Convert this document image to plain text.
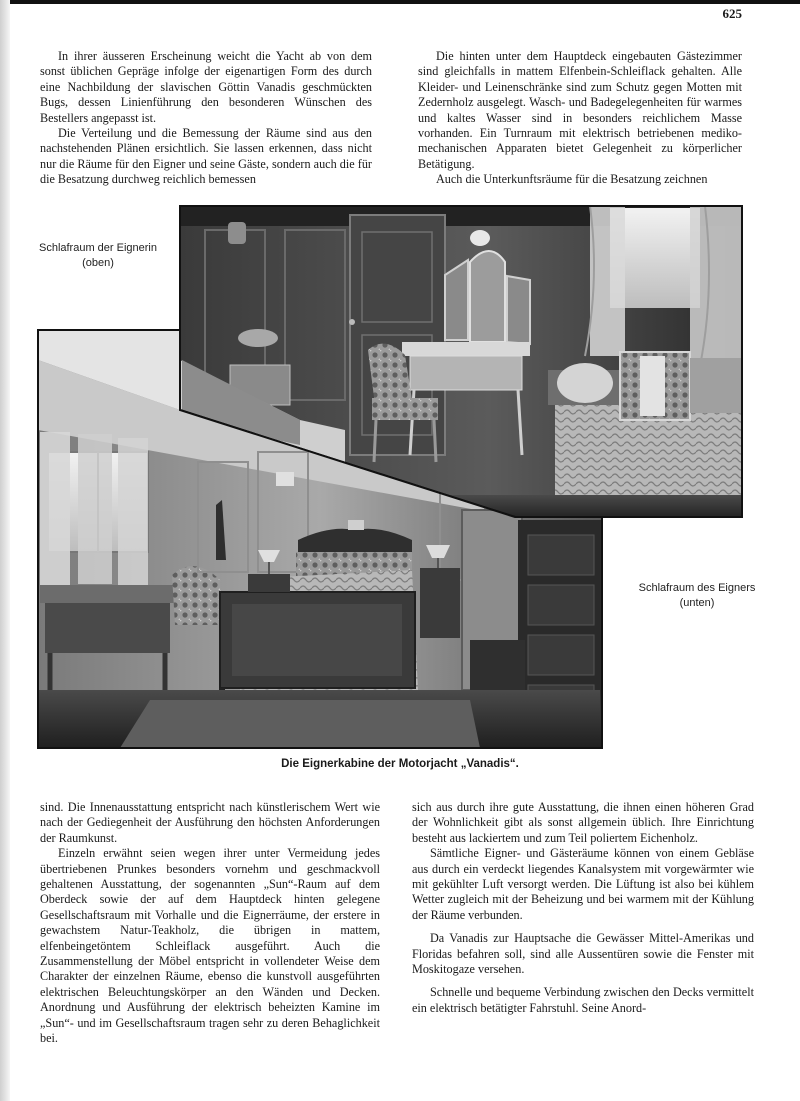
625

In ihrer äusseren Erscheinung weicht die Yacht ab von dem sonst üblichen Gepräge infolge der eigenartigen Form des durch eine Nachbildung der slavischen Göttin Vanadis geschmückten Bugs, dessen Linienführung den besonderen Wünschen des Bestellers angepasst ist.

Die Verteilung und die Bemessung der Räume sind aus den nachstehenden Plänen ersichtlich. Sie lassen erkennen, dass nicht nur die Räume für den Eigner und seine Gäste, sondern auch die für die Besatzung durchweg reichlich bemessen

Die hinten unter dem Hauptdeck eingebauten Gästezimmer sind gleichfalls in mattem Elfenbein-Schleiflack gehalten. Alle Kleider- und Leinenschränke sind zum Schutz gegen Motten mit Zedernholz ausgelegt. Wasch- und Badegelegenheiten für warmes und kaltes Wasser sind in besonders reichlichem Masse vorhanden. Ein Turnraum mit elektrisch betriebenen mediko-mechanischen Apparaten bietet Gelegenheit zu körperlicher Betätigung.

Auch die Unterkunftsräume für die Besatzung zeichnen

Schlafraum der Eignerin
(oben)
Schlafraum des Eigners
(unten)
Die Eignerkabine der Motorjacht „Vanadis“.

sind. Die Innenausstattung entspricht nach künstlerischem Wert wie nach der Gediegenheit der Ausführung den höchsten Anforderungen der Raumkunst.

Einzeln erwähnt seien wegen ihrer unter Vermeidung jedes übertriebenen Prunkes besonders vornehm und geschmackvoll gehaltenen Ausstattung, der sogenannten „Sun“-Raum auf dem Oberdeck sowie der auf dem Hauptdeck hinten gelegene Gesellschaftsraum mit Vorhalle und die Eignerräume, der erstere in gewachstem Natur-Teakholz, die übrigen in mattem, elfenbeingetöntem Schleiflack ausgeführt. Auch die Zusammenstellung der Möbel entspricht in vollendeter Weise dem Charakter der einzelnen Räume, ebenso die kunstvoll ausgeführten elektrischen Beleuchtungskörper an den Wänden und Decken. Anordnung und Ausführung der elektrisch beheizten Kamine im „Sun“- und im Gesellschaftsraum tragen sehr zu deren Behaglichkeit bei.

sich aus durch ihre gute Ausstattung, die ihnen einen höheren Grad der Wohnlichkeit gibt als sonst allgemein üblich. Ihre Einrichtung besteht aus lackiertem und zum Teil poliertem Eichenholz.

Sämtliche Eigner- und Gästeräume können von einem Gebläse aus durch ein verdeckt liegendes Kanalsystem mit vorgewärmter wie mit gekühlter Luft versorgt werden. Die Lüftung ist also bei kühlem Wetter zugleich mit der Beheizung und bei warmem mit der Kühlung der Räume verbunden.

Da Vanadis zur Hauptsache die Gewässer Mittel-Amerikas und Floridas befahren soll, sind alle Aussentüren sowie die Fenster mit Moskitogaze versehen.

Schnelle und bequeme Verbindung zwischen den Decks vermittelt ein elektrisch betätigter Fahrstuhl. Seine Anord-
